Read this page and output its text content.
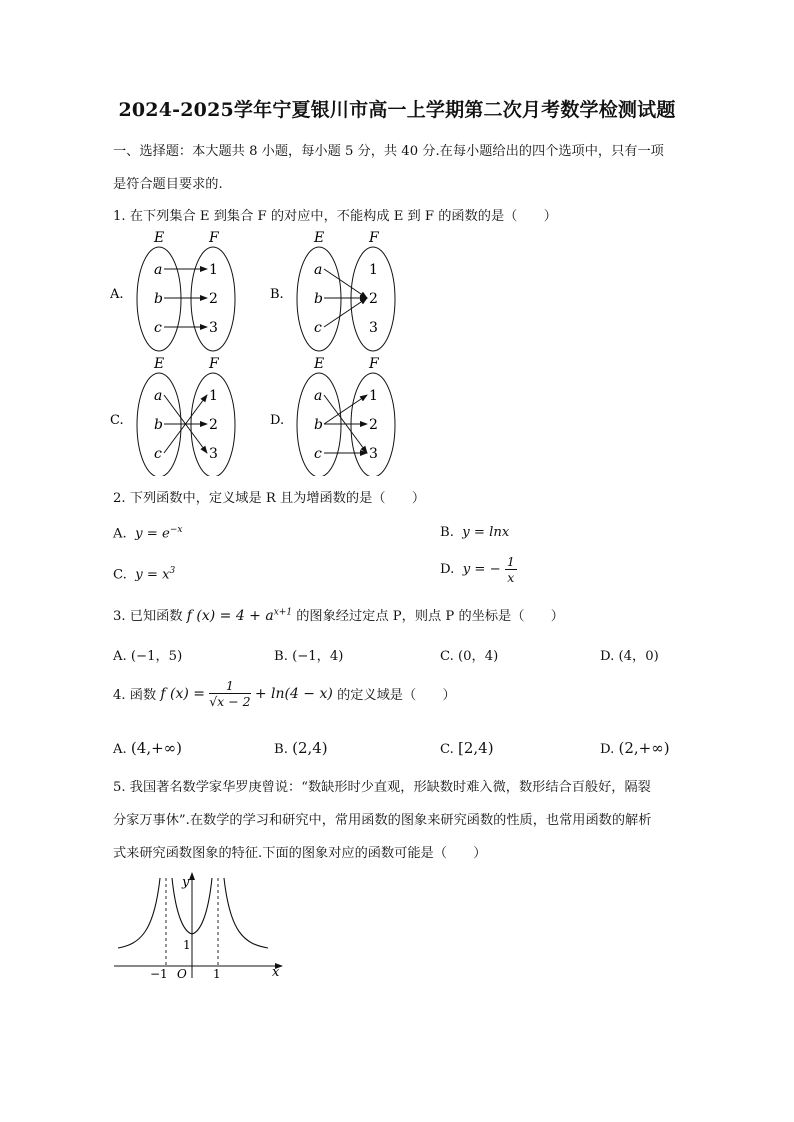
2024-2025学年宁夏银川市高一上学期第二次月考数学检测试题
一、选择题：本大题共 8 小题，每小题 5 分，共 40 分.在每小题给出的四个选项中，只有一项
是符合题目要求的.
1. 在下列集合 E 到集合 F 的对应中，不能构成 E 到 F 的函数的是（　　）
A.
E	F
a
b
c
1
2
3
B.
E	F
a
b
c
1
2
3
C.
E	F
a
b
c
1
2
3
D.
E	F
a
b
c
1
2
3
2. 下列函数中，定义域是 R 且为增函数的是（　　）
A. $y = e^{-x}$	B. y = lnx
C. $y = x^3$	D. y = − $\frac{1}{x}$
3. 已知函数 f $(x) = 4 + a^{x+1}$ 的图象经过定点 P，则点 P 的坐标是（　　）
A. (−1，5)	B. (−1，4)	C. (0，4)	D. (4，0)
4. 函数 f $(x) = \frac{1}{√x - 2} + \ln(4 - x)$ 的定义域是（　　）
A. (4,+∞)	B. (2,4)	C. [2,4)	D. (2,+∞)
5. 我国著名数学家华罗庚曾说：“数缺形时少直观，形缺数时难入微，数形结合百般好，隔裂
分家万事休”.在数学的学习和研究中，常用函数的图象来研究函数的性质，也常用函数的解析
式来研究函数图象的特征.下面的图象对应的函数可能是（　　）
y
x
O
−1	1
1
